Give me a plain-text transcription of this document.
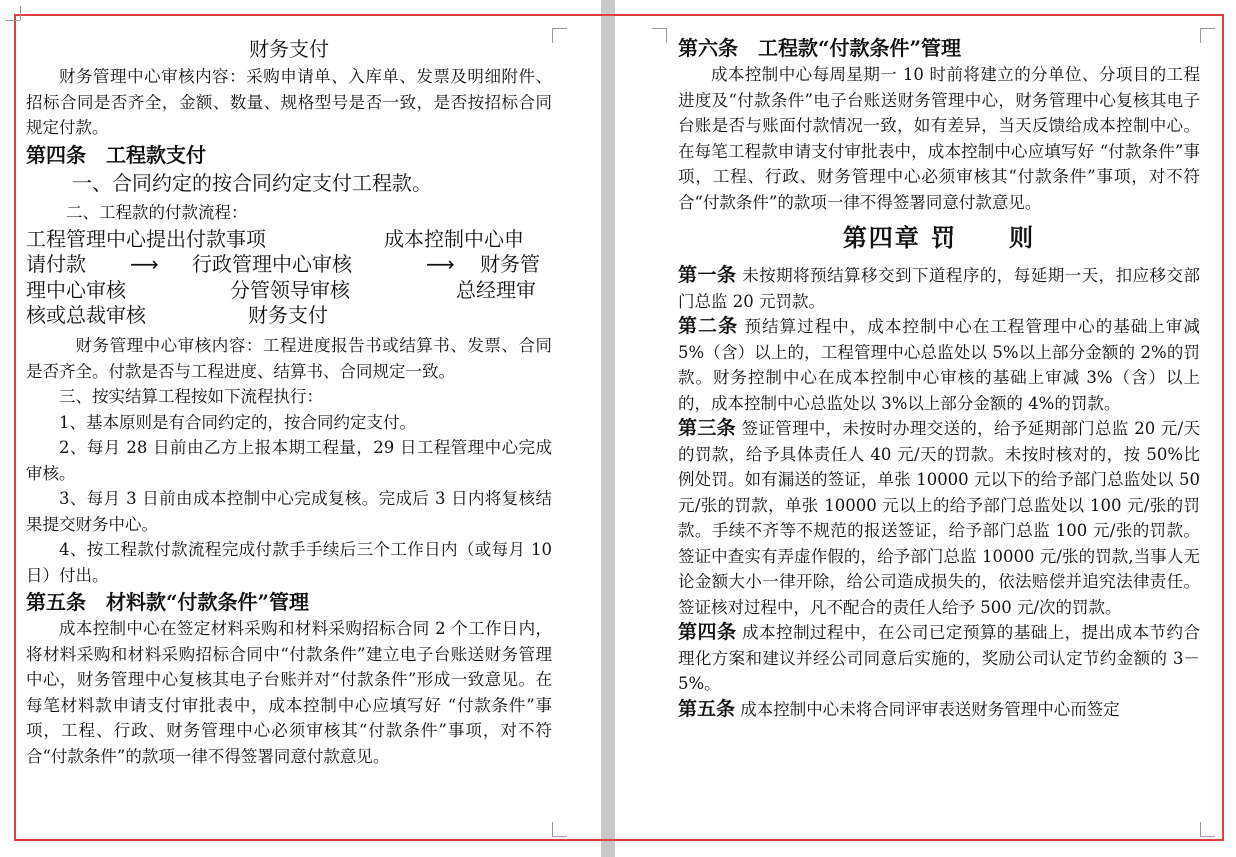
财务支付

财务管理中心审核内容：采购申请单、入库单、发票及明细附件、招标合同是否齐全，金额、数量、规格型号是否一致，是否按招标合同规定付款。

第四条　工程款支付

一、合同约定的按合同约定支付工程款。

二、工程款的付款流程：

工程管理中心提出付款事项	成本控制中心申
请付款 ⟶ 行政管理中心审核	⟶ 财务管
理中心审核	分管领导审核	总经理审
核或总裁审核	财务支付

财务管理中心审核内容：工程进度报告书或结算书、发票、合同是否齐全。付款是否与工程进度、结算书、合同规定一致。

三、按实结算工程按如下流程执行：

1、基本原则是有合同约定的，按合同约定支付。

2、每月 28 日前由乙方上报本期工程量，29 日工程管理中心完成审核。

3、每月 3 日前由成本控制中心完成复核。完成后 3 日内将复核结果提交财务中心。

4、按工程款付款流程完成付款手手续后三个工作日内（或每月 10 日）付出。

第五条　材料款“付款条件”管理

成本控制中心在签定材料采购和材料采购招标合同 2 个工作日内，将材料采购和材料采购招标合同中“付款条件”建立电子台账送财务管理中心，财务管理中心复核其电子台账并对“付款条件”形成一致意见。在每笔材料款申请支付审批表中，成本控制中心应填写好 “付款条件”事项，工程、行政、财务管理中心必须审核其“付款条件”事项，对不符合“付款条件”的款项一律不得签署同意付款意见。

第六条　工程款“付款条件”管理

成本控制中心每周星期一 10 时前将建立的分单位、分项目的工程进度及“付款条件”电子台账送财务管理中心，财务管理中心复核其电子台账是否与账面付款情况一致，如有差异，当天反馈给成本控制中心。在每笔工程款申请支付审批表中，成本控制中心应填写好 “付款条件”事项，工程、行政、财务管理中心必须审核其“付款条件”事项，对不符合“付款条件”的款项一律不得签署同意付款意见。

第四章 罚　　则

第一条 未按期将预结算移交到下道程序的，每延期一天，扣应移交部门总监 20 元罚款。

第二条 预结算过程中，成本控制中心在工程管理中心的基础上审减 5%（含）以上的，工程管理中心总监处以 5%以上部分金额的 2%的罚款。财务控制中心在成本控制中心审核的基础上审减 3%（含）以上的，成本控制中心总监处以 3%以上部分金额的 4%的罚款。

第三条 签证管理中，未按时办理交送的，给予延期部门总监 20 元/天的罚款，给予具体责任人 40 元/天的罚款。未按时核对的，按 50%比例处罚。如有漏送的签证，单张 10000 元以下的给予部门总监处以 50 元/张的罚款，单张 10000 元以上的给予部门总监处以 100 元/张的罚款。手续不齐等不规范的报送签证，给予部门总监 100 元/张的罚款。签证中查实有弄虚作假的，给予部门总监 10000 元/张的罚款,当事人无论金额大小一律开除，给公司造成损失的，依法赔偿并追究法律责任。签证核对过程中，凡不配合的责任人给予 500 元/次的罚款。

第四条 成本控制过程中，在公司已定预算的基础上，提出成本节约合理化方案和建议并经公司同意后实施的，奖励公司认定节约金额的 3－5%。

第五条 成本控制中心未将合同评审表送财务管理中心而签定
